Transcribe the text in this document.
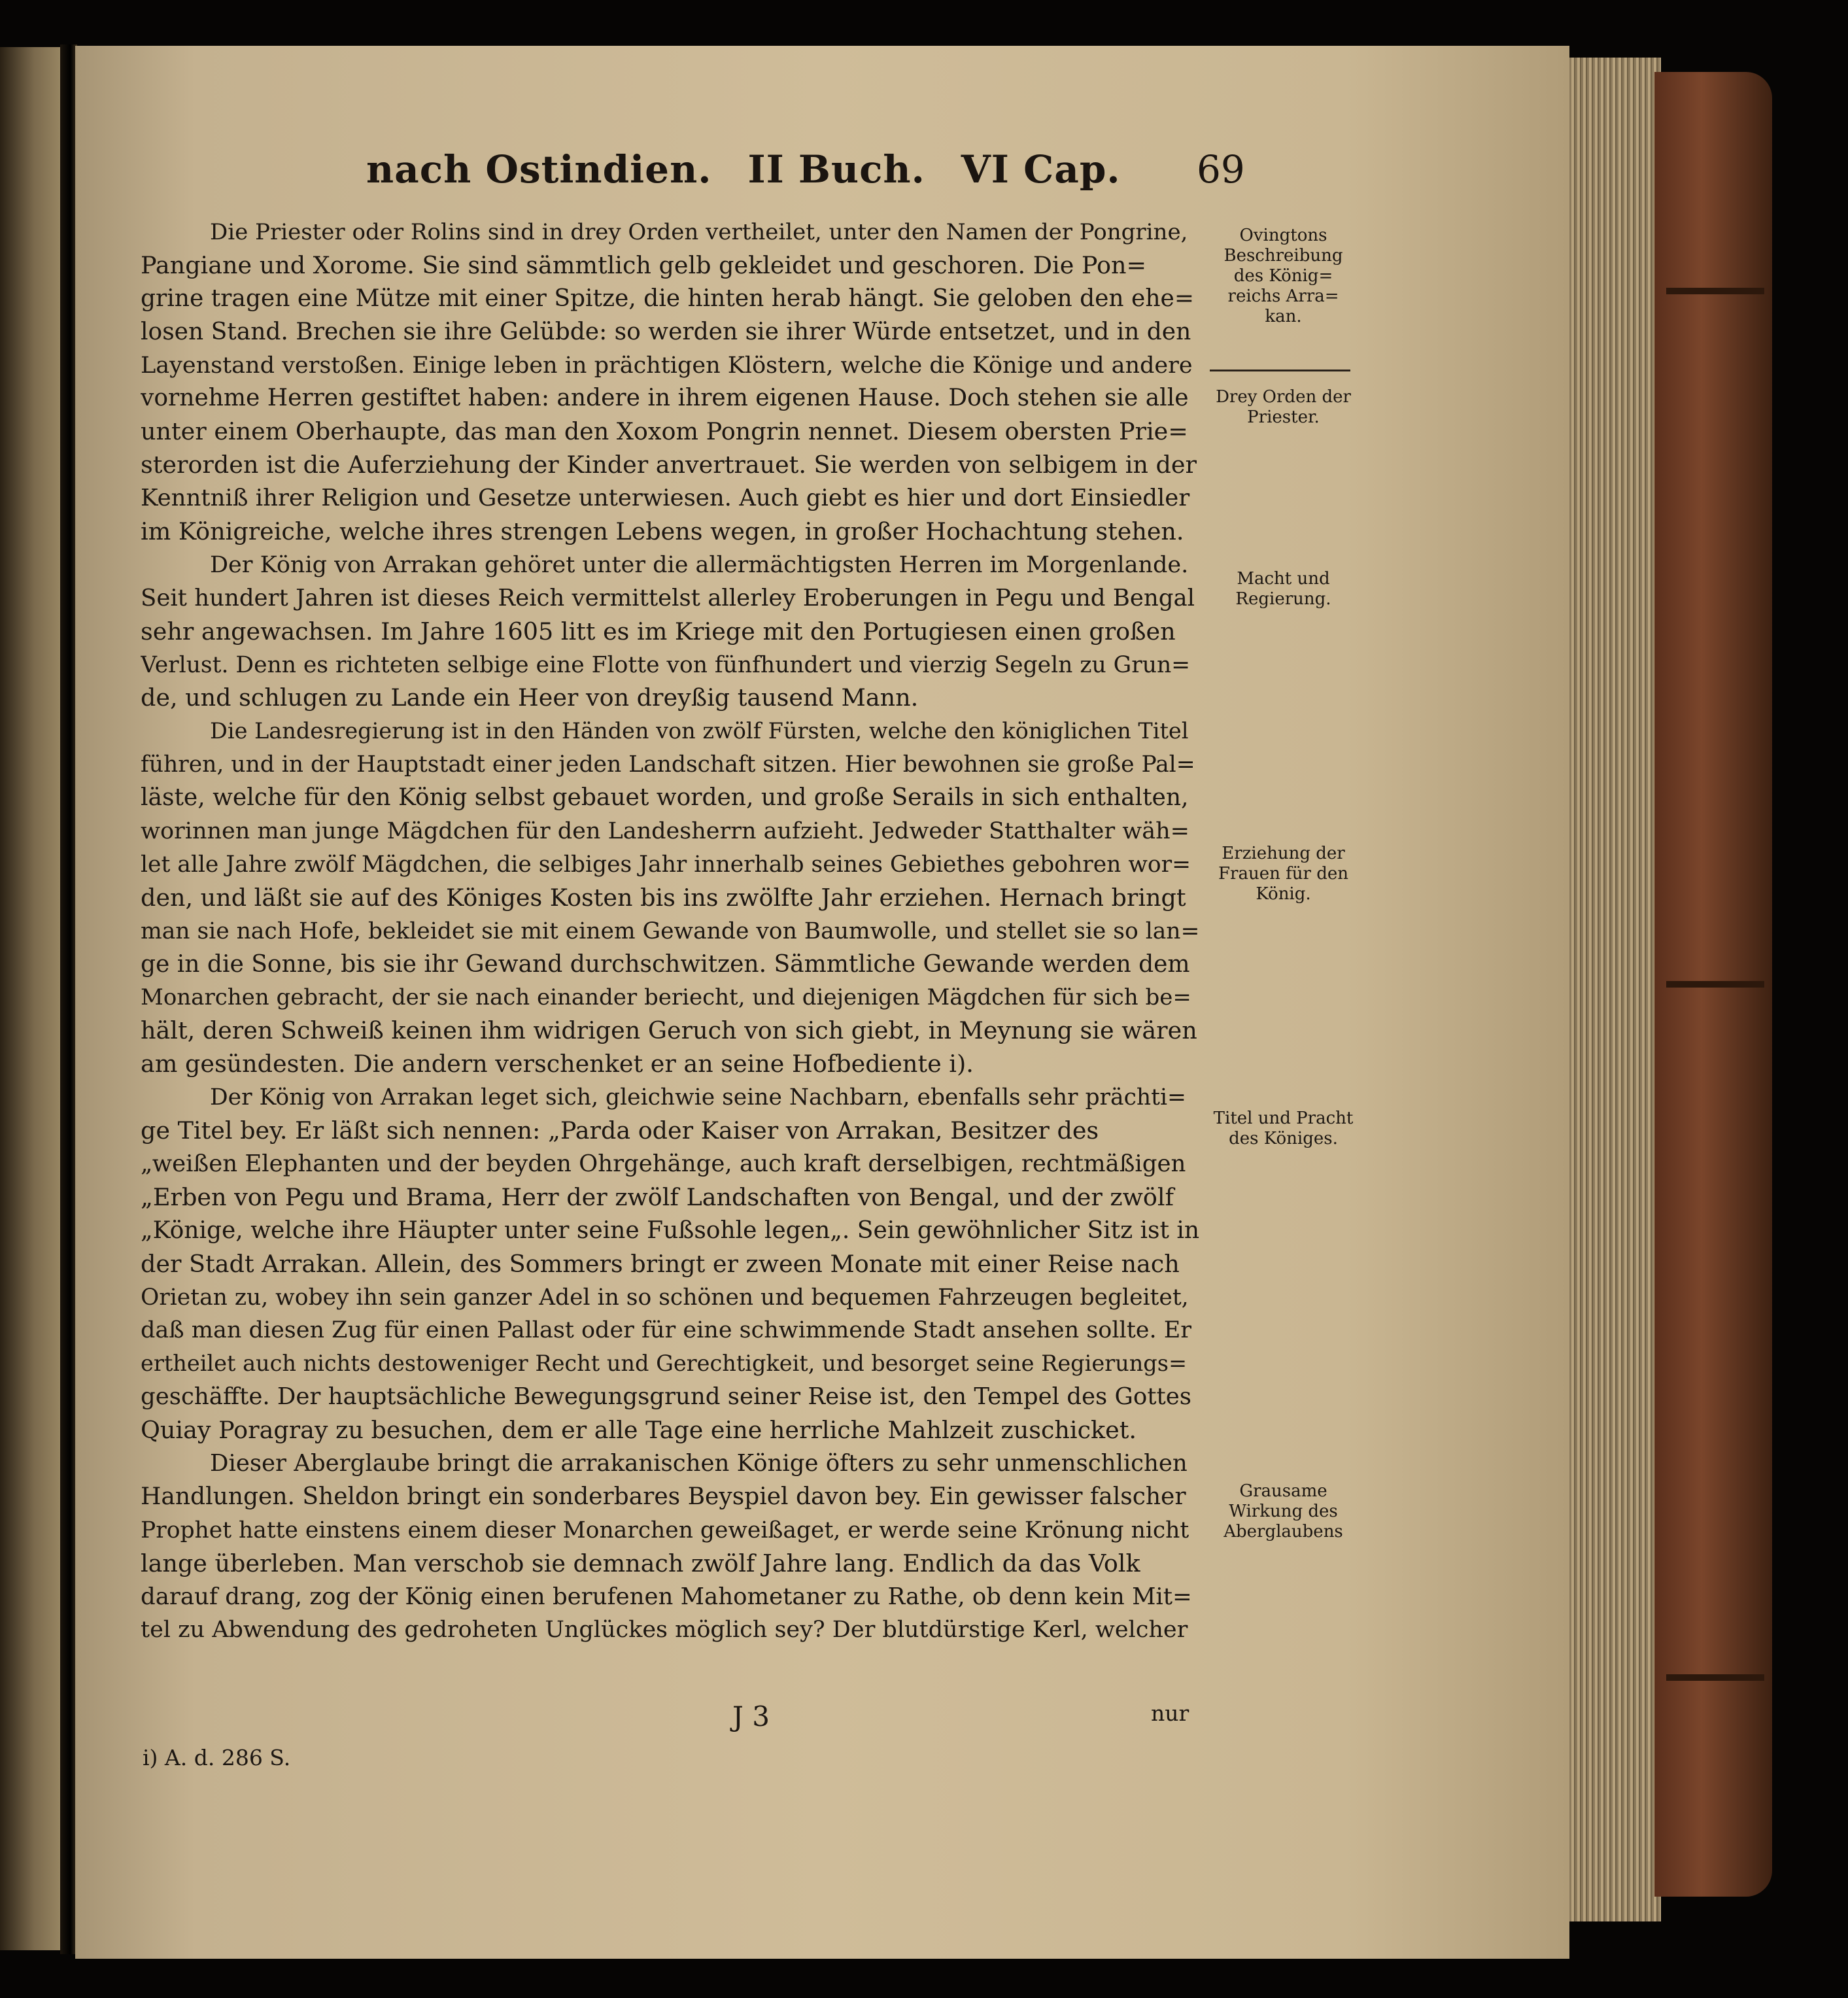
nach Ostindien. II Buch. VI Cap. 69
Die Priester oder Rolins sind in drey Orden vertheilet, unter den Namen der Pongrine,
Pangiane und Xorome. Sie sind sämmtlich gelb gekleidet und geschoren. Die Pon=
grine tragen eine Mütze mit einer Spitze, die hinten herab hängt. Sie geloben den ehe=
losen Stand. Brechen sie ihre Gelübde: so werden sie ihrer Würde entsetzet, und in den
Layenstand verstoßen. Einige leben in prächtigen Klöstern, welche die Könige und andere
vornehme Herren gestiftet haben: andere in ihrem eigenen Hause. Doch stehen sie alle
unter einem Oberhaupte, das man den Xoxom Pongrin nennet. Diesem obersten Prie=
sterorden ist die Auferziehung der Kinder anvertrauet. Sie werden von selbigem in der
Kenntniß ihrer Religion und Gesetze unterwiesen. Auch giebt es hier und dort Einsiedler
im Königreiche, welche ihres strengen Lebens wegen, in großer Hochachtung stehen.
Der König von Arrakan gehöret unter die allermächtigsten Herren im Morgenlande.
Seit hundert Jahren ist dieses Reich vermittelst allerley Eroberungen in Pegu und Bengal
sehr angewachsen. Im Jahre 1605 litt es im Kriege mit den Portugiesen einen großen
Verlust. Denn es richteten selbige eine Flotte von fünfhundert und vierzig Segeln zu Grun=
de, und schlugen zu Lande ein Heer von dreyßig tausend Mann.
Die Landesregierung ist in den Händen von zwölf Fürsten, welche den königlichen Titel
führen, und in der Hauptstadt einer jeden Landschaft sitzen. Hier bewohnen sie große Pal=
läste, welche für den König selbst gebauet worden, und große Serails in sich enthalten,
worinnen man junge Mägdchen für den Landesherrn aufzieht. Jedweder Statthalter wäh=
let alle Jahre zwölf Mägdchen, die selbiges Jahr innerhalb seines Gebiethes gebohren wor=
den, und läßt sie auf des Königes Kosten bis ins zwölfte Jahr erziehen. Hernach bringt
man sie nach Hofe, bekleidet sie mit einem Gewande von Baumwolle, und stellet sie so lan=
ge in die Sonne, bis sie ihr Gewand durchschwitzen. Sämmtliche Gewande werden dem
Monarchen gebracht, der sie nach einander beriecht, und diejenigen Mägdchen für sich be=
hält, deren Schweiß keinen ihm widrigen Geruch von sich giebt, in Meynung sie wären
am gesündesten. Die andern verschenket er an seine Hofbediente i).
Der König von Arrakan leget sich, gleichwie seine Nachbarn, ebenfalls sehr prächti=
ge Titel bey. Er läßt sich nennen: „Parda oder Kaiser von Arrakan, Besitzer des
„weißen Elephanten und der beyden Ohrgehänge, auch kraft derselbigen, rechtmäßigen
„Erben von Pegu und Brama, Herr der zwölf Landschaften von Bengal, und der zwölf
„Könige, welche ihre Häupter unter seine Fußsohle legen„. Sein gewöhnlicher Sitz ist in
der Stadt Arrakan. Allein, des Sommers bringt er zween Monate mit einer Reise nach
Orietan zu, wobey ihn sein ganzer Adel in so schönen und bequemen Fahrzeugen begleitet,
daß man diesen Zug für einen Pallast oder für eine schwimmende Stadt ansehen sollte. Er
ertheilet auch nichts destoweniger Recht und Gerechtigkeit, und besorget seine Regierungs=
geschäffte. Der hauptsächliche Bewegungsgrund seiner Reise ist, den Tempel des Gottes
Quiay Poragray zu besuchen, dem er alle Tage eine herrliche Mahlzeit zuschicket.
Dieser Aberglaube bringt die arrakanischen Könige öfters zu sehr unmenschlichen
Handlungen. Sheldon bringt ein sonderbares Beyspiel davon bey. Ein gewisser falscher
Prophet hatte einstens einem dieser Monarchen geweißaget, er werde seine Krönung nicht
lange überleben. Man verschob sie demnach zwölf Jahre lang. Endlich da das Volk
darauf drang, zog der König einen berufenen Mahometaner zu Rathe, ob denn kein Mit=
tel zu Abwendung des gedroheten Unglückes möglich sey? Der blutdürstige Kerl, welcher
Ovingtons Beschreibung des König= reichs Arra= kan.
Drey Orden der Priester.
Macht und Regierung.
Erziehung der Frauen für den König.
Titel und Pracht des Königes.
Grausame Wirkung des Aberglaubens
J 3	nur
i) A. d. 286 S.
